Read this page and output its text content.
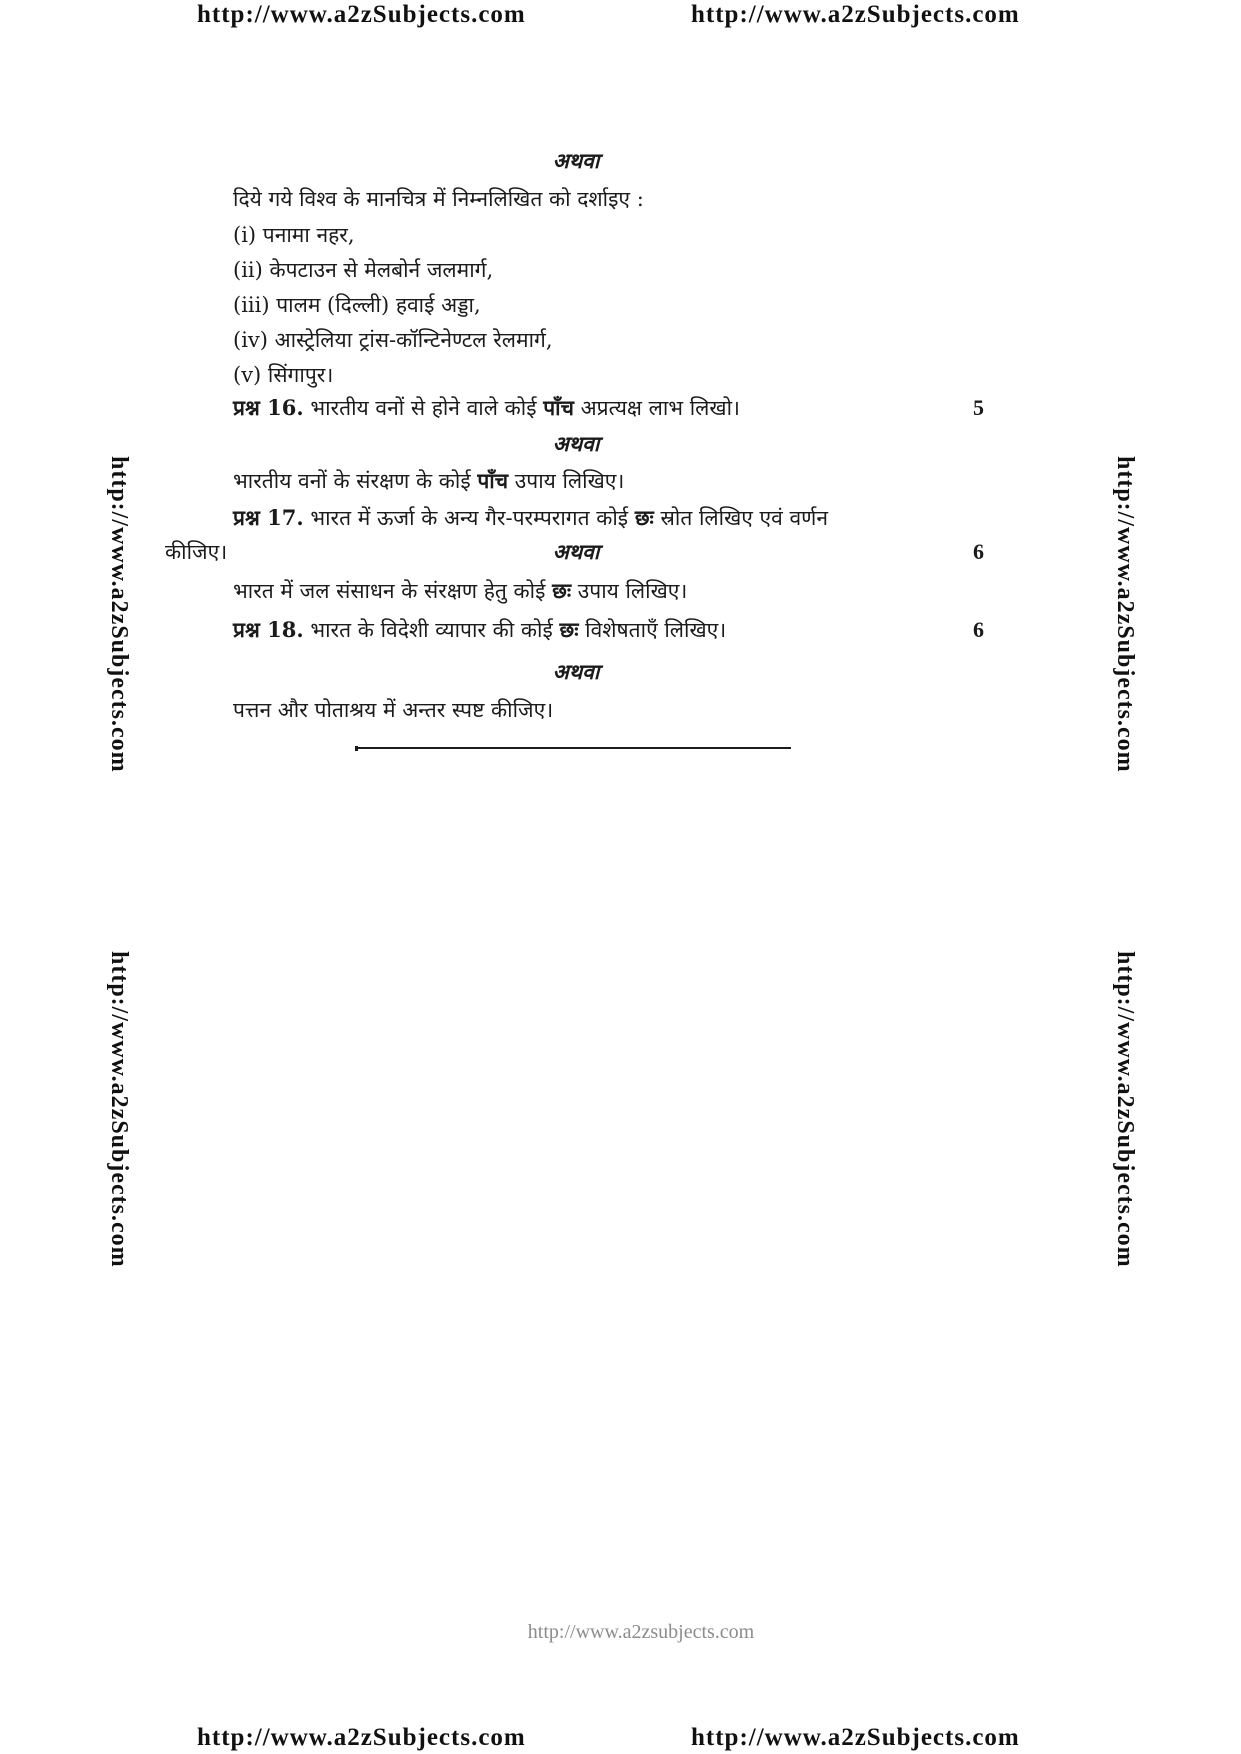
http://www.a2zSubjects.com	http://www.a2zSubjects.com
http://www.a2zSubjects.com
http://www.a2zSubjects.com
http://www.a2zSubjects.com
http://www.a2zSubjects.com
अथवा
दिये गये विश्व के मानचित्र में निम्नलिखित को दर्शाइए :
(i) पनामा नहर,
(ii) केपटाउन से मेलबोर्न जलमार्ग,
(iii) पालम (दिल्ली) हवाई अड्डा,
(iv) आस्ट्रेलिया ट्रांस-कॉन्टिनेण्टल रेलमार्ग,
(v) सिंगापुर।
प्रश्न 16. भारतीय वनों से होने वाले कोई पाँच अप्रत्यक्ष लाभ लिखो।	5
अथवा
भारतीय वनों के संरक्षण के कोई पाँच उपाय लिखिए।
प्रश्न 17. भारत में ऊर्जा के अन्य गैर-परम्परागत कोई छः स्रोत लिखिए एवं वर्णन
कीजिए।	अथवा	6
भारत में जल संसाधन के संरक्षण हेतु कोई छः उपाय लिखिए।
प्रश्न 18. भारत के विदेशी व्यापार की कोई छः विशेषताएँ लिखिए।	6
अथवा
पत्तन और पोताश्रय में अन्तर स्पष्ट कीजिए।
http://www.a2zsubjects.com
http://www.a2zSubjects.com	http://www.a2zSubjects.com
